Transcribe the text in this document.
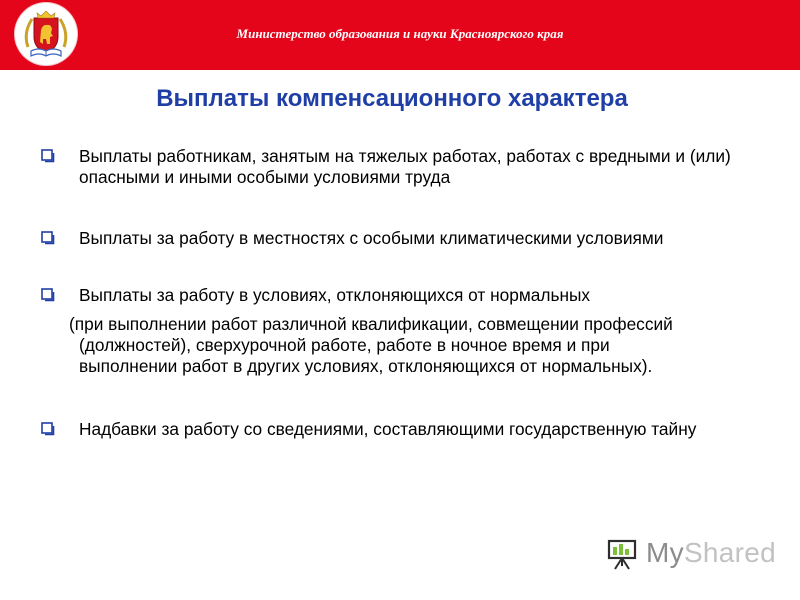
Министерство образования и науки Красноярского края
Выплаты компенсационного характера
Выплаты работникам, занятым на тяжелых работах, работах с вредными и (или) опасными и иными особыми условиями труда
Выплаты за работу в местностях с особыми климатическими условиями
Выплаты за работу в условиях, отклоняющихся от нормальных
(при выполнении работ различной квалификации, совмещении профессий
(должностей), сверхурочной работе, работе в ночное время и при
выполнении работ в других условиях, отклоняющихся от нормальных).
Надбавки за работу со сведениями, составляющими государственную тайну
MyShared
